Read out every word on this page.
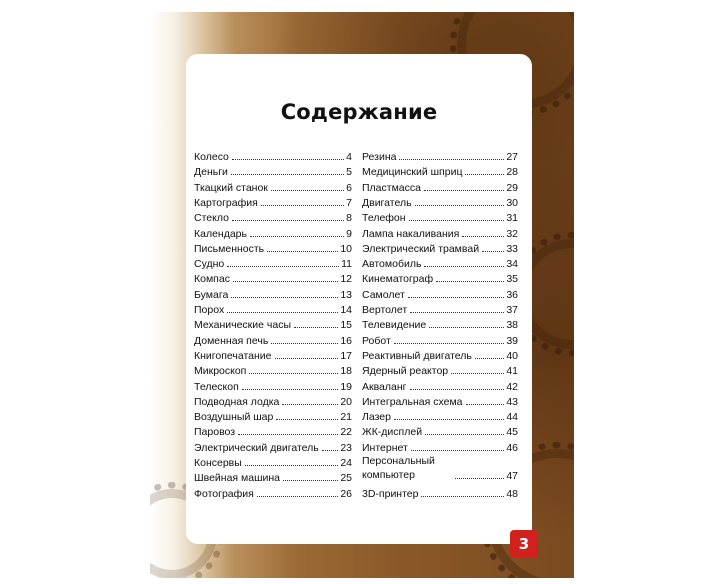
Содержание
Колесо	4
Деньги	5
Ткацкий станок	6
Картография	7
Стекло	8
Календарь	9
Письменность	10
Судно	11
Компас	12
Бумага	13
Порох	14
Механические часы	15
Доменная печь	16
Книгопечатание	17
Микроскоп	18
Телескоп	19
Подводная лодка	20
Воздушный шар	21
Паровоз	22
Электрический двигатель 23
Консервы	24
Швейная машина	25
Фотография	26
Резина	27
Медицинский шприц	28
Пластмасса	29
Двигатель	30
Телефон	31
Лампа накаливания	32
Электрический трамвай	33
Автомобиль	34
Кинематограф	35
Самолет	36
Вертолет	37
Телевидение	38
Робот	39
Реактивный двигатель	40
Ядерный реактор	41
Акваланг	42
Интегральная схема	43
Лазер	44
ЖК-дисплей	45
Интернет	46
Персональный компьютер	47
3D-принтер	48
3
